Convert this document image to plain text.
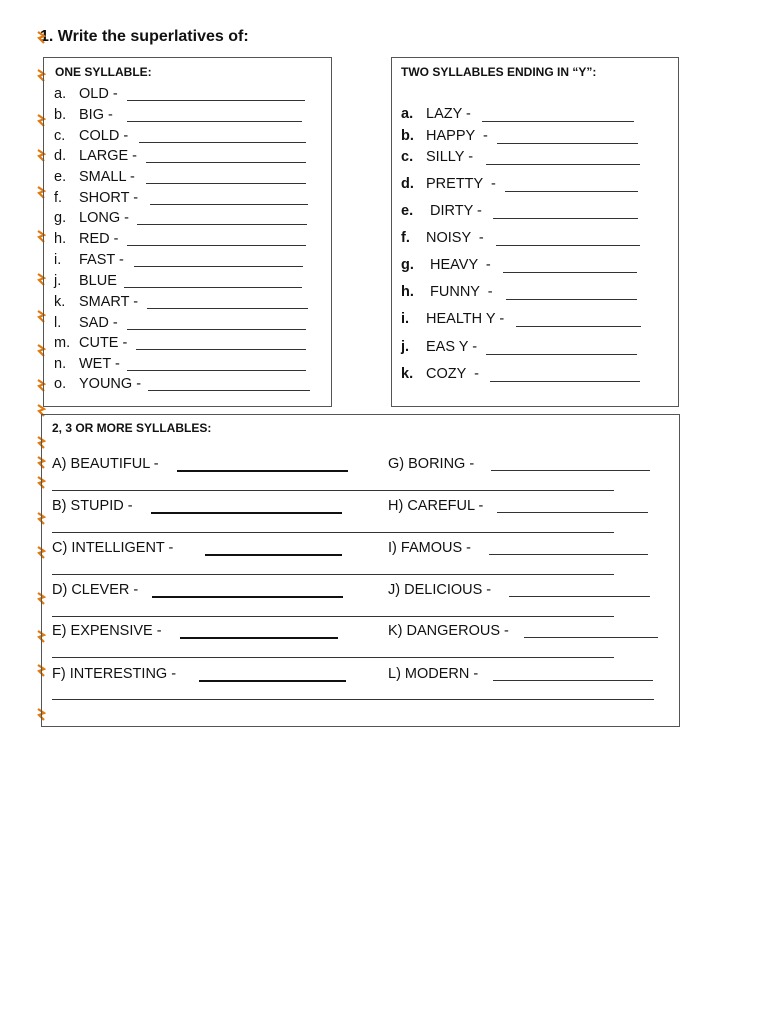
1. Write the superlatives of:
ONE SYLLABLE:
a. OLD -
b. BIG -
c. COLD -
d. LARGE -
e. SMALL -
f. SHORT -
g. LONG -
h. RED -
i. FAST -
j. BLUE
k. SMART -
l. SAD -
m. CUTE -
n. WET -
o. YOUNG -
TWO SYLLABLES ENDING IN “Y”:
a. LAZY -
b. HAPPY  -
c. SILLY -
d. PRETTY  -
e. DIRTY -
f. NOISY  -
g. HEAVY  -
h. FUNNY  -
i. HEALTH Y -
j. EAS Y -
k. COZY  -
2, 3 OR MORE SYLLABLES:
A) BEAUTIFUL -
B) STUPID -
C) INTELLIGENT -
D) CLEVER -
E) EXPENSIVE -
F) INTERESTING -
G) BORING -
H) CAREFUL -
I) FAMOUS -
J) DELICIOUS -
K) DANGEROUS -
L) MODERN -
